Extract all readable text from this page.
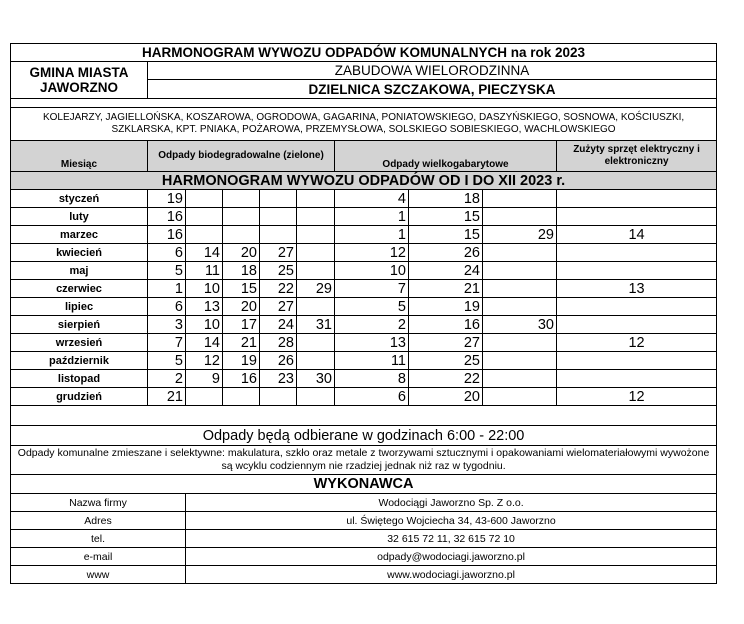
HARMONOGRAM WYWOZU ODPADÓW KOMUNALNYCH na rok 2023									

GMINA MIASTA
JAWORZNO	ZABUDOWA WIELORODZINNA								
	DZIELNICA SZCZAKOWA, PIECZYSKA								

KOLEJARZY, JAGIELLOŃSKA, KOSZAROWA, OGRODOWA, GAGARINA, PONIATOWSKIEGO, DASZYŃSKIEGO, SOSNOWA, KOŚCIUSZKI, SZKLARSKA, KPT. PNIAKA, POŻAROWA, PRZEMYSŁOWA, SOLSKIEGO SOBIESKIEGO, WACHLOWSKIEGO									
Miesiąc	Odpady biodegradowalne (zielone)					Odpady wielkogabarytowe			Zużyty sprzęt elektryczny i elektroniczny
HARMONOGRAM WYWOZU ODPADÓW OD I DO XII 2023 r.									
styczeń	19					4	18		
luty	16					1	15		
marzec	16					1	15	29	14
kwiecień	6	14	20	27		12	26		
maj	5	11	18	25		10	24		
czerwiec	1	10	15	22	29	7	21		13
lipiec	6	13	20	27		5	19		
sierpień	3	10	17	24	31	2	16	30	
wrzesień	7	14	21	28		13	27		12
październik	5	12	19	26		11	25		
listopad	2	9	16	23	30	8	22		
grudzień	21					6	20		12

Odpady będą odbierane w godzinach 6:00 - 22:00									
Odpady komunalne zmieszane i selektywne: makulatura, szkło oraz metale z tworzywami sztucznymi i opakowaniami wielomateriałowymi wywożone są wcyklu codziennym nie rzadziej jednak niż raz w tygodniu.									
WYKONAWCA									
Nazwa firmy		Wodociągi Jaworzno Sp. Z o.o.							
Adres		ul. Świętego Wojciecha 34, 43-600 Jaworzno							
tel.		32 615 72 11, 32 615 72 10							
e-mail		odpady@wodociagi.jaworzno.pl							
www		www.wodociagi.jaworzno.pl							
